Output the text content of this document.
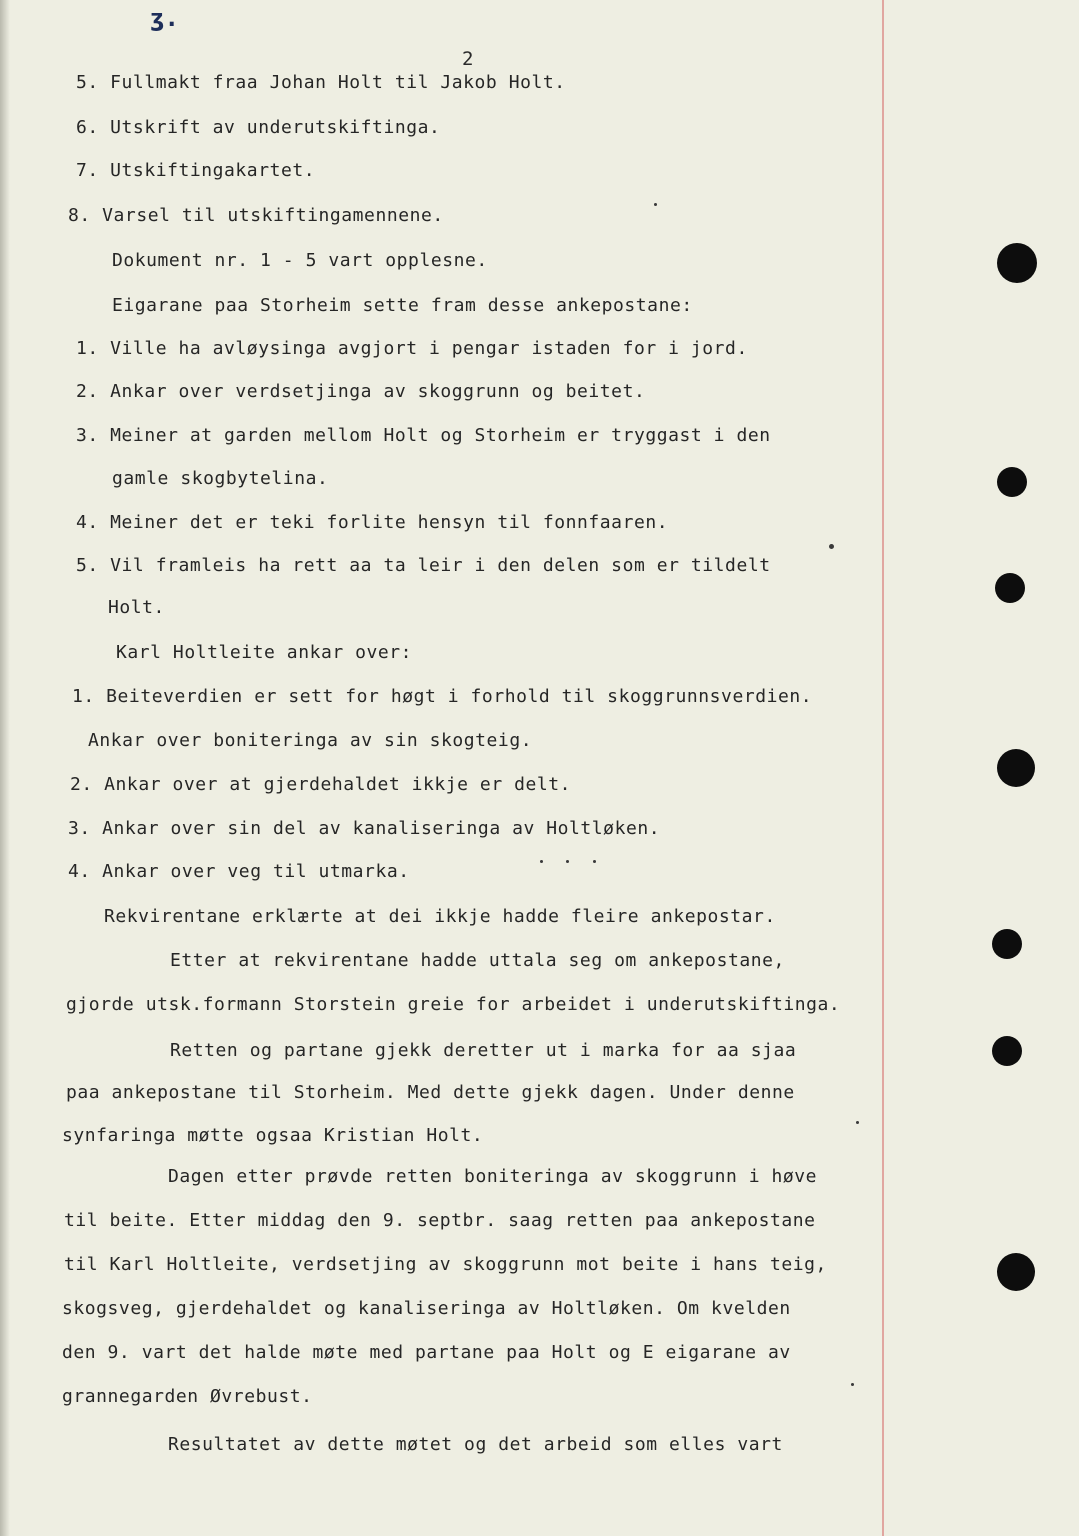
ʒ.
2
5. Fullmakt fraa Johan Holt til Jakob Holt.
6. Utskrift av underutskiftinga.
7. Utskiftingakartet.
8. Varsel til utskiftingamennene.
Dokument nr. 1 - 5 vart opplesne.
Eigarane paa Storheim sette fram desse ankepostane:
1. Ville ha avløysinga avgjort i pengar istaden for i jord.
2. Ankar over verdsetjinga av skoggrunn og beitet.
3. Meiner at garden mellom Holt og Storheim er tryggast i den
gamle skogbytelina.
4. Meiner det er teki forlite hensyn til fonnfaaren.
5. Vil framleis ha rett aa ta leir i den delen som er tildelt
Holt.
Karl Holtleite ankar over:
1. Beiteverdien er sett for høgt i forhold til skoggrunnsverdien.
Ankar over boniteringa av sin skogteig.
2. Ankar over at gjerdehaldet ikkje er delt.
3. Ankar over sin del av kanaliseringa av Holtløken.
4. Ankar over veg til utmarka.
Rekvirentane erklærte at dei ikkje hadde fleire ankepostar.
Etter at rekvirentane hadde uttala seg om ankepostane,
gjorde utsk.formann Storstein greie for arbeidet i underutskiftinga.
Retten og partane gjekk deretter ut i marka for aa sjaa
paa ankepostane til Storheim. Med dette gjekk dagen. Under denne
synfaringa møtte ogsaa Kristian Holt.
Dagen etter prøvde retten boniteringa av skoggrunn i høve
til beite. Etter middag den 9. septbr. saag retten paa ankepostane
til Karl Holtleite, verdsetjing av skoggrunn mot beite i hans teig,
skogsveg, gjerdehaldet og kanaliseringa av Holtløken. Om kvelden
den 9. vart det halde møte med partane paa Holt og E eigarane av
grannegarden Øvrebust.
Resultatet av dette møtet og det arbeid som elles vart
